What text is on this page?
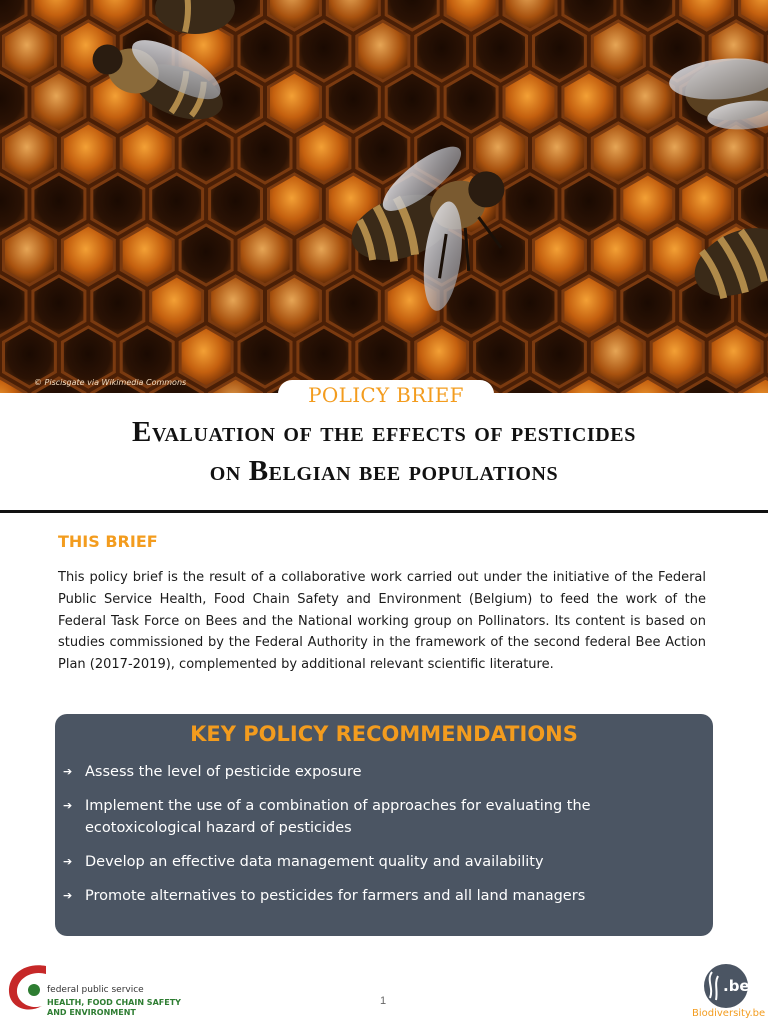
© Piscisgate via Wikimedia Commons
POLICY BRIEF
Evaluation of the effects of pesticides
on Belgian bee populations
THIS BRIEF
This policy brief is the result of a collaborative work carried out under the initiative of the Federal Public Service Health, Food Chain Safety and Environment (Belgium) to feed the work of the Federal Task Force on Bees and the National working group on Pollinators. Its content is based on studies commissioned by the Federal Authority in the framework of the second federal Bee Action Plan (2017-2019), complemented by additional relevant scientific literature.
KEY POLICY RECOMMENDATIONS
➔ Assess the level of pesticide exposure
➔ Implement the use of a combination of approaches for evaluating the ecotoxicological hazard of pesticides
➔ Develop an effective data management quality and availability
➔ Promote alternatives to pesticides for farmers and all land managers
federal public service
HEALTH, FOOD CHAIN SAFETY
AND ENVIRONMENT
1
.be
Biodiversity.be
